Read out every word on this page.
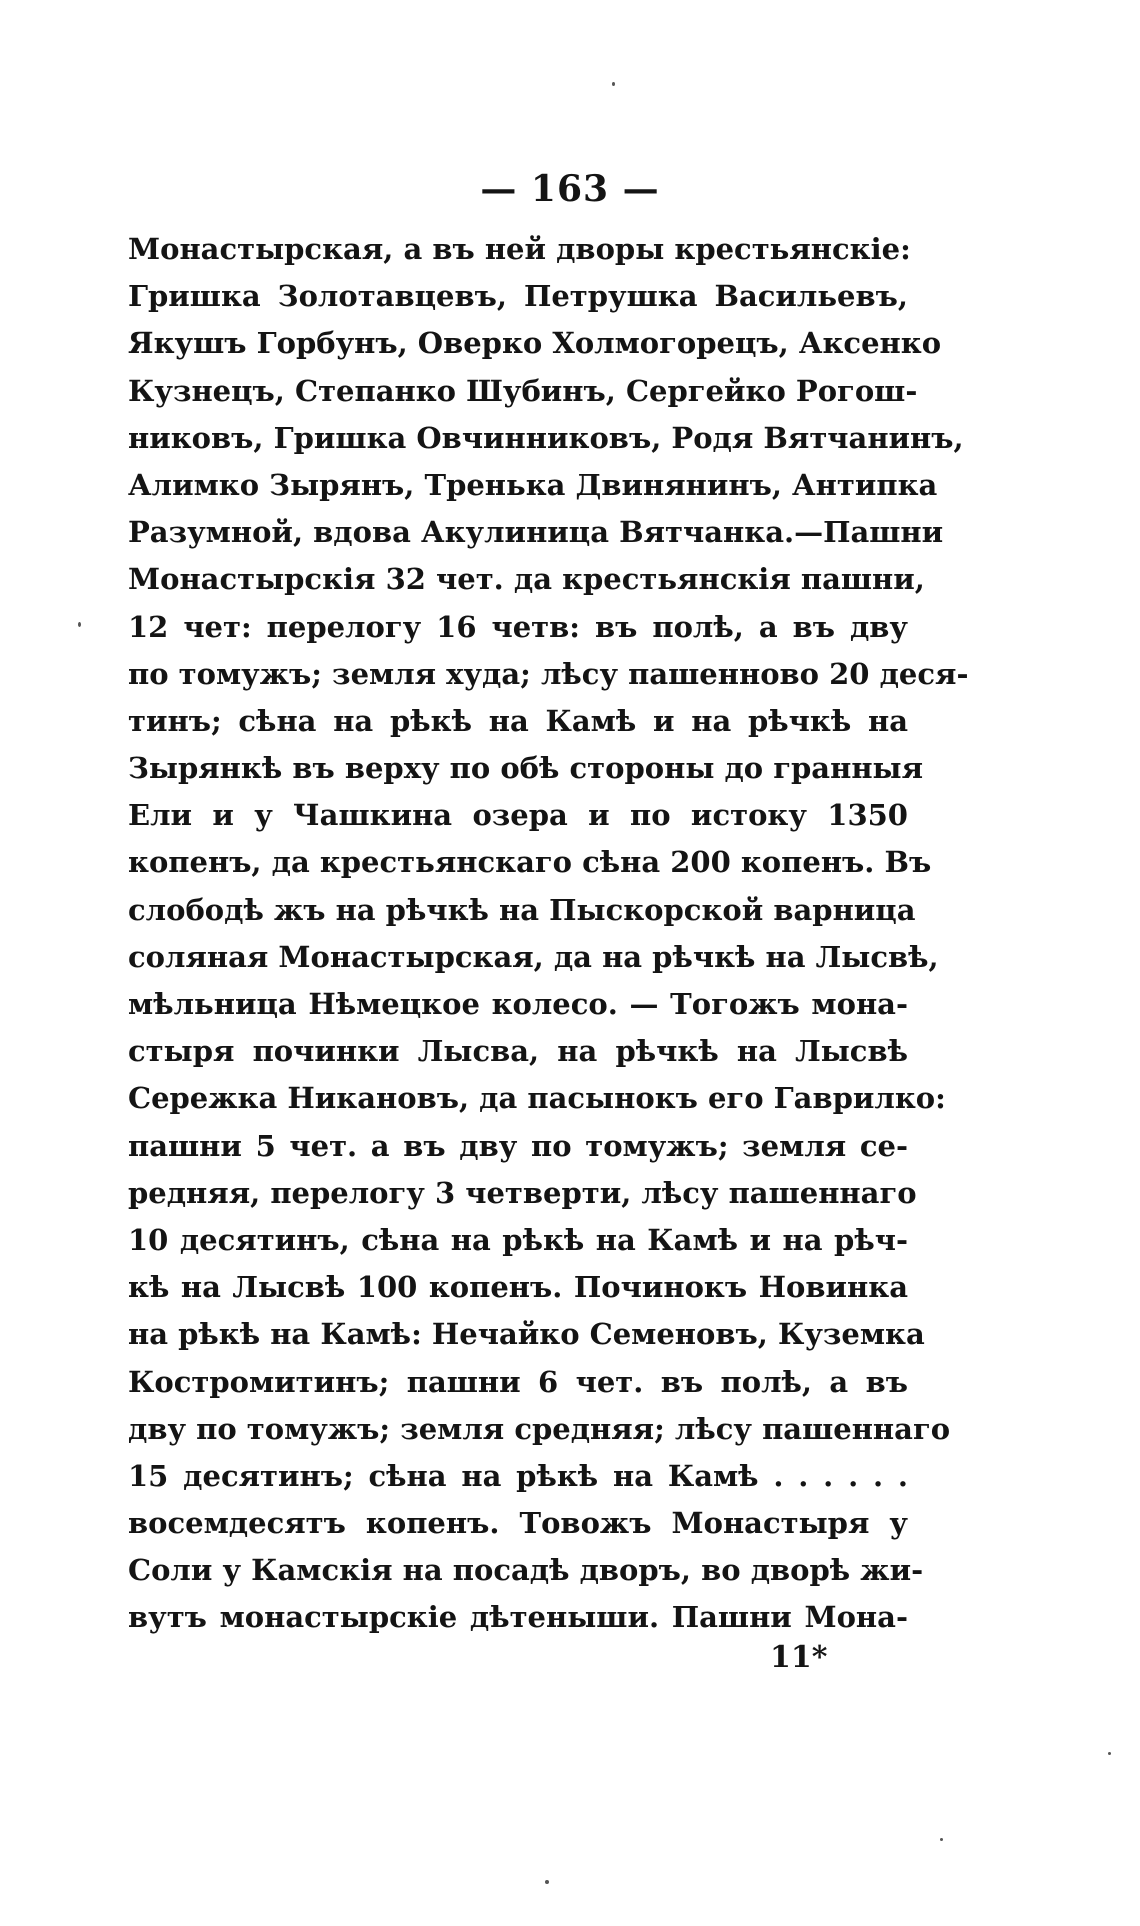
— 163 —
Монастырская, а въ ней дворы крестьянскіе:
Гришка Золотавцевъ, Петрушка Васильевъ,
Якушъ Горбунъ, Оверко Холмогорецъ, Аксенко
Кузнецъ, Степанко Шубинъ, Сергейко Рогош-
никовъ, Гришка Овчинниковъ, Родя Вятчанинъ,
Алимко Зырянъ, Тренька Двинянинъ, Антипка
Разумной, вдова Акулиница Вятчанка.—Пашни
Монастырскія 32 чет. да крестьянскія пашни,
12 чет: перелогу 16 четв: въ полѣ, а въ дву
по томужъ; земля худа; лѣсу пашенново 20 деся-
тинъ; сѣна на рѣкѣ на Камѣ и на рѣчкѣ на
Зырянкѣ въ верху по обѣ стороны до гранныя
Ели и у Чашкина озера и по истоку 1350
копенъ, да крестьянскаго сѣна 200 копенъ. Въ
слободѣ жъ на рѣчкѣ на Пыскорской варница
соляная Монастырская, да на рѣчкѣ на Лысвѣ,
мѣльница Нѣмецкое колесо. — Тогожъ мона-
стыря починки Лысва, на рѣчкѣ на Лысвѣ
Сережка Никановъ, да пасынокъ его Гаврилко:
пашни 5 чет. а въ дву по томужъ; земля се-
редняя, перелогу 3 четверти, лѣсу пашеннаго
10 десятинъ, сѣна на рѣкѣ на Камѣ и на рѣч-
кѣ на Лысвѣ 100 копенъ. Починокъ Новинка
на рѣкѣ на Камѣ: Нечайко Семеновъ, Куземка
Костромитинъ; пашни 6 чет. въ полѣ, а въ
дву по томужъ; земля средняя; лѣсу пашеннаго
15 десятинъ; сѣна на рѣкѣ на Камѣ . . . . . .
восемдесятъ копенъ. Товожъ Монастыря у
Соли у Камскія на посадѣ дворъ, во дворѣ жи-
вутъ монастырскіе дѣтеныши. Пашни Мона-
11*
